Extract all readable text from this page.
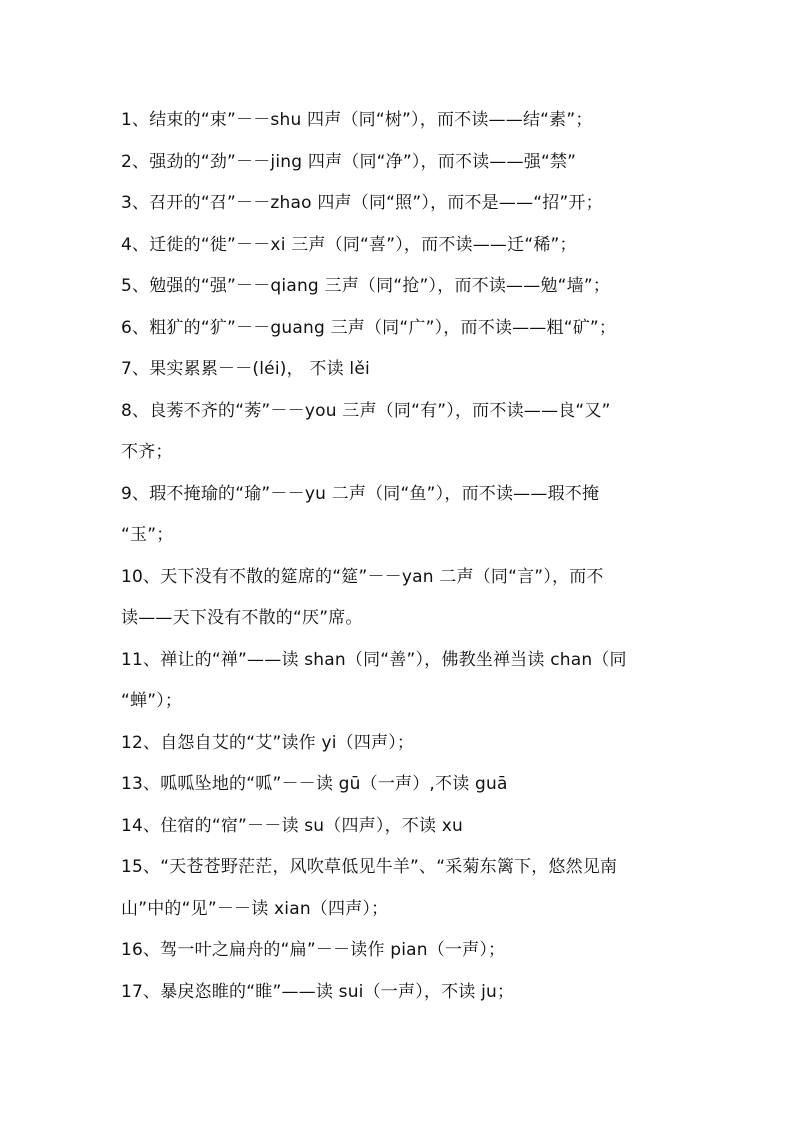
1、结束的“束”－－shu 四声（同“树”），而不读——结“素”；
2、强劲的“劲”－－jing 四声（同“净”），而不读——强“禁”
3、召开的“召”－－zhao 四声（同“照”），而不是——“招”开；
4、迁徙的“徙”－－xi 三声（同“喜”），而不读——迁“稀”；
5、勉强的“强”－－qiang 三声（同“抢”），而不读——勉“墙”；
6、粗犷的“犷”－－guang 三声（同“广”），而不读——粗“矿”；
7、果实累累－－(léi)， 不读 lěi
8、良莠不齐的“莠”－－you 三声（同“有”），而不读——良“又”
不齐；
9、瑕不掩瑜的“瑜”－－yu 二声（同“鱼”），而不读——瑕不掩
“玉”；
10、天下没有不散的筵席的“筵”－－yan 二声（同“言”），而不
读——天下没有不散的“厌”席。
11、禅让的“禅”——读 shan（同“善”），佛教坐禅当读 chan（同
“蝉”）；
12、自怨自艾的“艾”读作 yi（四声）；
13、呱呱坠地的“呱”－－读 gū（一声）,不读 guā
14、住宿的“宿”－－读 su（四声），不读 xu
15、“天苍苍野茫茫，风吹草低见牛羊”、“采菊东篱下，悠然见南
山”中的“见”－－读 xian（四声）；
16、驾一叶之扁舟的“扁”－－读作 pian（一声）；
17、暴戾恣睢的“睢”——读 sui（一声），不读 ju；
